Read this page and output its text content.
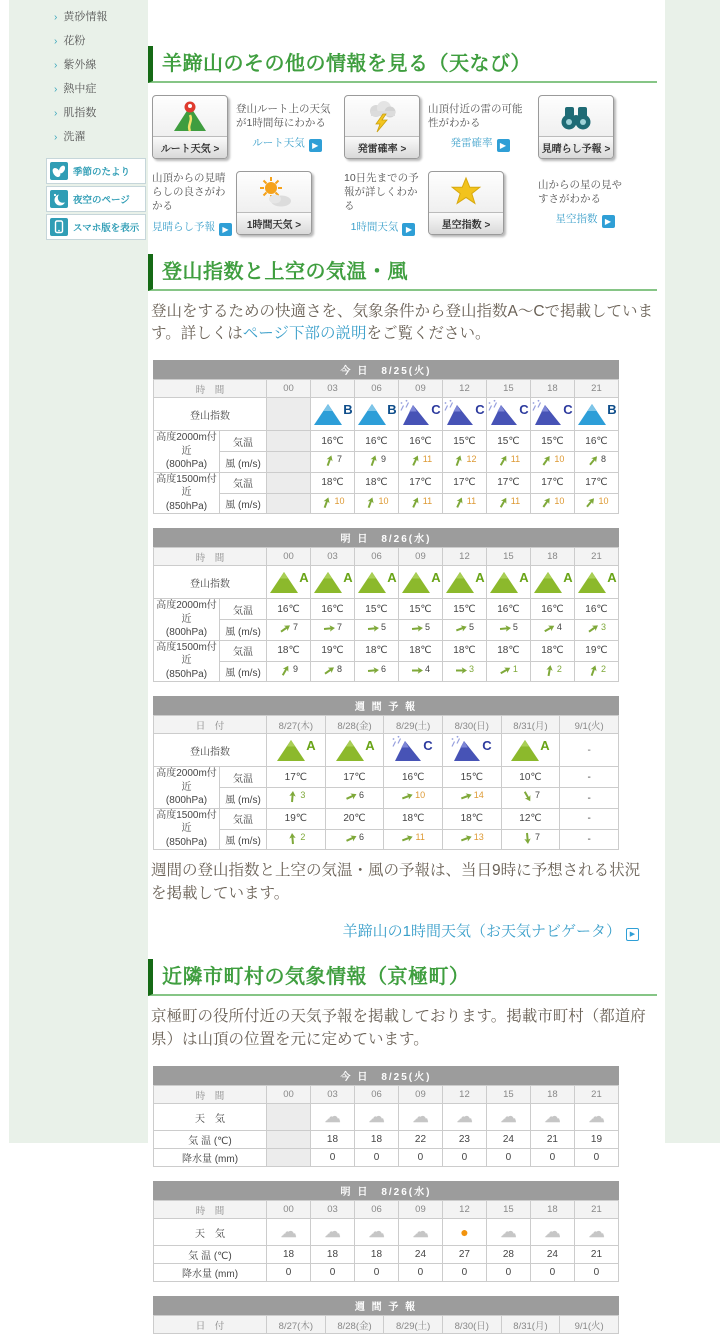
› 黄砂情報
› 花粉
› 紫外線
› 熱中症
› 肌指数
› 洗濯
季節のたより
夜空のページ
スマホ版を表示
羊蹄山のその他の情報を見る（天なび）
ルート天気 >
登山ルート上の天気が1時間毎にわかる
ルート天気 ▶	発雷確率 >
山頂付近の雷の可能性がわかる
発雷確率 ▶	見晴らし予報 >
山頂からの見晴らしの良さがわかる
見晴らし予報 ▶	1時間天気 >
10日先までの予報が詳しくわかる
1時間天気 ▶	星空指数 >
山からの星の見やすさがわかる
星空指数 ▶
登山指数と上空の気温・風

登山をするための快適さを、気象条件から登山指数A～Cで掲載しています。詳しくはページ下部の説明をご覧ください。

今 日　8/25(火)
時　間		00	03	06	09	12	15	18	21
登山指数			B	B	C	C	C	C	B

高度2000m付近
(800hPa)	気温		16℃	16℃	16℃	15℃	15℃	15℃	16℃
	風 (m/s)		7	9	11	12	11	10	8
高度1500m付近
(850hPa)	気温		18℃	18℃	17℃	17℃	17℃	17℃	17℃
	風 (m/s)		10	10	11	11	11	10	10
明 日　8/26(水)
時　間		00	03	06	09	12	15	18	21
登山指数		A	A	A	A	A	A	A	A

高度2000m付近
(800hPa)	気温	16℃	16℃	15℃	15℃	15℃	16℃	16℃	16℃
	風 (m/s)	7	7	5	5	5	5	4	3
高度1500m付近
(850hPa)	気温	18℃	19℃	18℃	18℃	18℃	18℃	18℃	19℃
	風 (m/s)	9	8	6	4	3	1	2	2
週 間 予 報
日　付		8/27(木)	8/28(金)	8/29(土)	8/30(日)	8/31(月)	9/1(火)
登山指数		A	A	C	C	A	-
高度2000m付近
(800hPa)	気温	17℃	17℃	16℃	15℃	10℃	-
	風 (m/s)	3	6	10	14	7	-
高度1500m付近
(850hPa)	気温	19℃	20℃	18℃	18℃	12℃	-
	風 (m/s)	2	6	11	13	7	-

週間の登山指数と上空の気温・風の予報は、当日9時に予想される状況を掲載しています。

羊蹄山の1時間天気（お天気ナビゲータ） ▶
近隣市町村の気象情報（京極町）

京極町の役所付近の天気予報を掲載しております。掲載市町村（都道府県）は山頂の位置を元に定めています。

今 日　8/25(火)
時　間	00	03	06	09	12	15	18	21
天　気		☁	☁	☁	☁	☁	☁	☁
気 温 (℃)		18	18	22	23	24	21	19
降水量 (mm)		0	0	0	0	0	0	0
明 日　8/26(水)
時　間	00	03	06	09	12	15	18	21
天　気	☁	☁	☁	☁	●	☁	☁	☁
気 温 (℃)	18	18	18	24	27	28	24	21
降水量 (mm)	0	0	0	0	0	0	0	0
週 間 予 報
日　付	8/27(木)	8/28(金)	8/29(土)	8/30(日)	8/31(月)	9/1(火)
